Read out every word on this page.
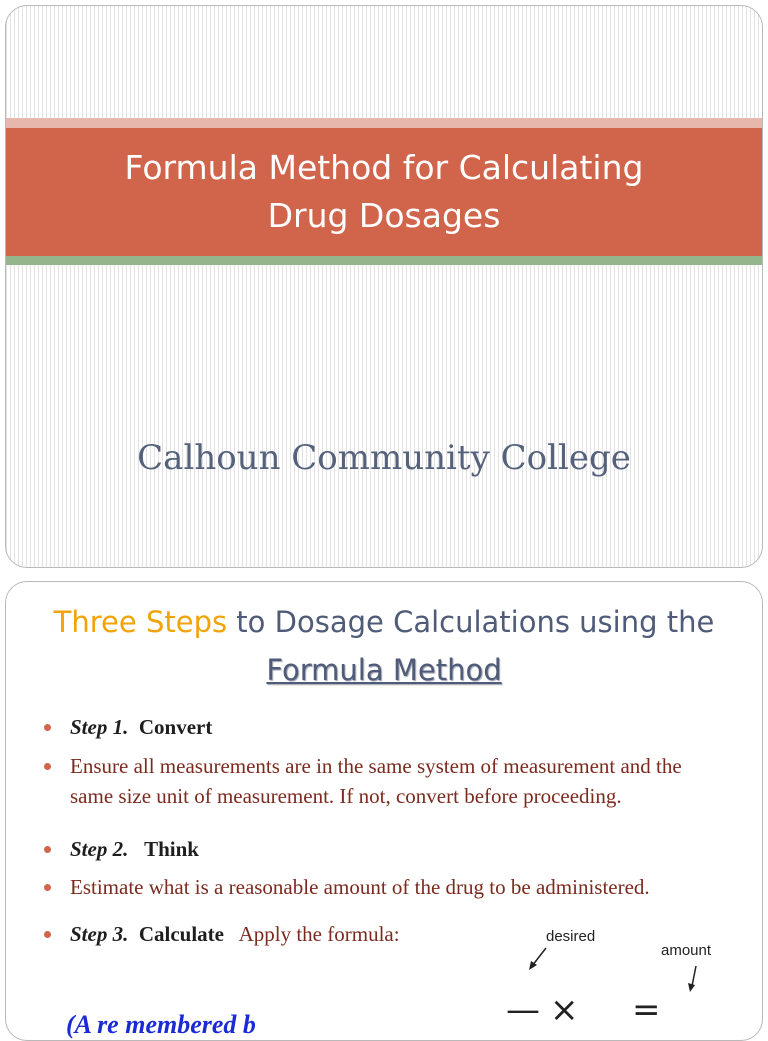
Formula Method for Calculating
Drug Dosages
Calhoun Community College
Three Steps to Dosage Calculations using the
Formula Method
Step 1. Convert
Ensure all measurements are in the same system of measurement and the same size unit of measurement. If not, convert before proceeding.
Step 2. Think
Estimate what is a reasonable amount of the drug to be administered.
Step 3. Calculate Apply the formula:	desired
amount
— × =
(A re membered b
